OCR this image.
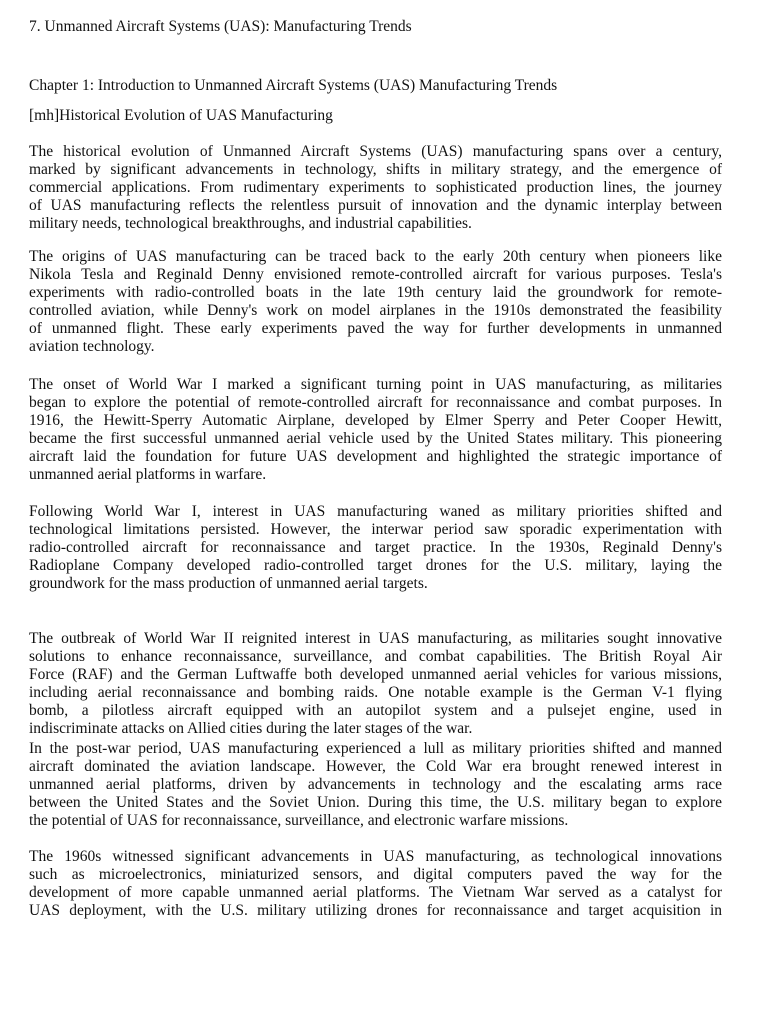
7. Unmanned Aircraft Systems (UAS): Manufacturing Trends
Chapter 1: Introduction to Unmanned Aircraft Systems (UAS) Manufacturing Trends
[mh]Historical Evolution of UAS Manufacturing
The historical evolution of Unmanned Aircraft Systems (UAS) manufacturing spans over a century,
marked by significant advancements in technology, shifts in military strategy, and the emergence of
commercial applications. From rudimentary experiments to sophisticated production lines, the journey
of UAS manufacturing reflects the relentless pursuit of innovation and the dynamic interplay between
military needs, technological breakthroughs, and industrial capabilities.
The origins of UAS manufacturing can be traced back to the early 20th century when pioneers like
Nikola Tesla and Reginald Denny envisioned remote-controlled aircraft for various purposes. Tesla's
experiments with radio-controlled boats in the late 19th century laid the groundwork for remote-
controlled aviation, while Denny's work on model airplanes in the 1910s demonstrated the feasibility
of unmanned flight. These early experiments paved the way for further developments in unmanned
aviation technology.
The onset of World War I marked a significant turning point in UAS manufacturing, as militaries
began to explore the potential of remote-controlled aircraft for reconnaissance and combat purposes. In
1916, the Hewitt-Sperry Automatic Airplane, developed by Elmer Sperry and Peter Cooper Hewitt,
became the first successful unmanned aerial vehicle used by the United States military. This pioneering
aircraft laid the foundation for future UAS development and highlighted the strategic importance of
unmanned aerial platforms in warfare.
Following World War I, interest in UAS manufacturing waned as military priorities shifted and
technological limitations persisted. However, the interwar period saw sporadic experimentation with
radio-controlled aircraft for reconnaissance and target practice. In the 1930s, Reginald Denny's
Radioplane Company developed radio-controlled target drones for the U.S. military, laying the
groundwork for the mass production of unmanned aerial targets.
The outbreak of World War II reignited interest in UAS manufacturing, as militaries sought innovative
solutions to enhance reconnaissance, surveillance, and combat capabilities. The British Royal Air
Force (RAF) and the German Luftwaffe both developed unmanned aerial vehicles for various missions,
including aerial reconnaissance and bombing raids. One notable example is the German V-1 flying
bomb, a pilotless aircraft equipped with an autopilot system and a pulsejet engine, used in
indiscriminate attacks on Allied cities during the later stages of the war.
In the post-war period, UAS manufacturing experienced a lull as military priorities shifted and manned
aircraft dominated the aviation landscape. However, the Cold War era brought renewed interest in
unmanned aerial platforms, driven by advancements in technology and the escalating arms race
between the United States and the Soviet Union. During this time, the U.S. military began to explore
the potential of UAS for reconnaissance, surveillance, and electronic warfare missions.
The 1960s witnessed significant advancements in UAS manufacturing, as technological innovations
such as microelectronics, miniaturized sensors, and digital computers paved the way for the
development of more capable unmanned aerial platforms. The Vietnam War served as a catalyst for
UAS deployment, with the U.S. military utilizing drones for reconnaissance and target acquisition in
